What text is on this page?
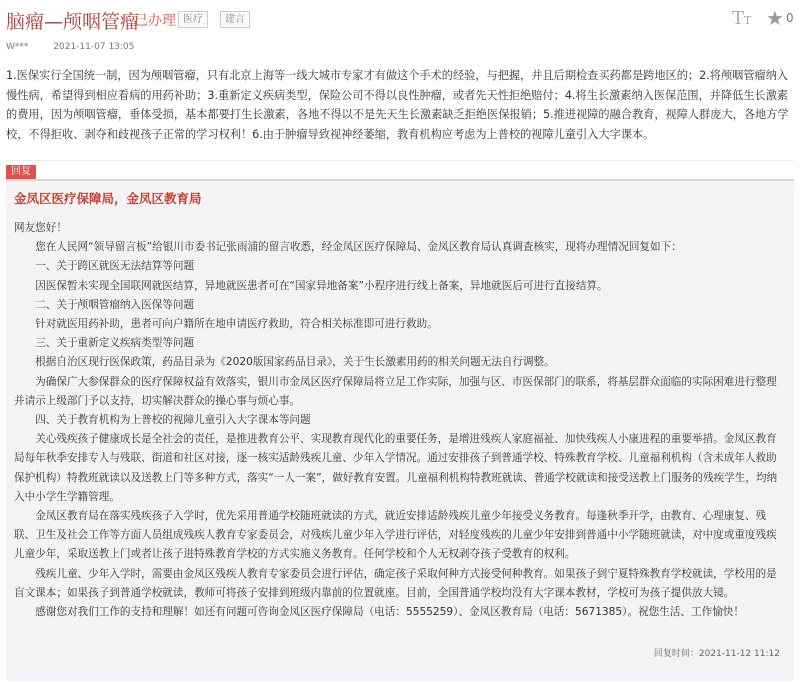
脑瘤—颅咽管瘤
已办理 医疗	建言	TT ★ 0
W***	2021-11-07 13:05
1.医保实行全国统一制，因为颅咽管瘤，只有北京上海等一线大城市专家才有做这个手术的经验，与把握，并且后期检查买药都是跨地区的；2.将颅咽管瘤纳入慢性病，希望得到相应看病的用药补助；3.重新定义疾病类型，保险公司不得以良性肿瘤，或者先天性拒绝赔付；4.将生长激素纳入医保范围，并降低生长激素的费用，因为颅咽管瘤，垂体受损，基本都要打生长激素，各地不得以不是先天生长激素缺乏拒绝医保报销；5.推进视障的融合教育，视障人群庞大，各地方学校，不得拒收、剥夺和歧视孩子正常的学习权利！6.由于肿瘤导致视神经萎缩，教育机构应考虑为上普校的视障儿童引入大字课本。
回复
金凤区医疗保障局，金凤区教育局

网友您好！

您在人民网“领导留言板”给银川市委书记张雨浦的留言收悉，经金凤区医疗保障局、金凤区教育局认真调查核实，现将办理情况回复如下：

一、关于跨区就医无法结算等问题

因医保暂未实现全国联网就医结算，异地就医患者可在“国家异地备案”小程序进行线上备案，异地就医后可进行直接结算。

二、关于颅咽管瘤纳入医保等问题

针对就医用药补助，患者可向户籍所在地申请医疗救助，符合相关标准即可进行救助。

三、关于重新定义疾病类型等问题

根据自治区现行医保政策，药品目录为《2020版国家药品目录》，关于生长激素用药的相关问题无法自行调整。

为确保广大参保群众的医疗保障权益有效落实，银川市金凤区医疗保障局将立足工作实际，加强与区、市医保部门的联系，将基层群众面临的实际困难进行整理并请示上级部门予以支持，切实解决群众的操心事与烦心事。

四、关于教育机构为上普校的视障儿童引入大字课本等问题

关心残疾孩子健康成长是全社会的责任，是推进教育公平、实现教育现代化的重要任务，是增进残疾人家庭福祉、加快残疾人小康进程的重要举措。金凤区教育局每年秋季安排专人与残联、街道和社区对接，逐一核实适龄残疾儿童、少年入学情况。通过安排孩子到普通学校、特殊教育学校、儿童福利机构（含未成年人救助保护机构）特教班就读以及送教上门等多种方式，落实“一人一案”，做好教育安置。儿童福利机构特教班就读、普通学校就读和接受送教上门服务的残疾学生，均纳入中小学生学籍管理。

金凤区教育局在落实残疾孩子入学时，优先采用普通学校随班就读的方式，就近安排适龄残疾儿童少年接受义务教育。每逢秋季开学，由教育、心理康复、残联、卫生及社会工作等方面人员组成残疾人教育专家委员会，对残疾儿童少年入学进行评估，对轻度残疾的儿童少年安排到普通中小学随班就读，对中度或重度残疾儿童少年，采取送教上门或者让孩子进特殊教育学校的方式实施义务教育。任何学校和个人无权剥夺孩子受教育的权利。

残疾儿童、少年入学时，需要由金凤区残疾人教育专家委员会进行评估，确定孩子采取何种方式接受何种教育。如果孩子到宁夏特殊教育学校就读，学校用的是盲文课本；如果孩子到普通学校就读，教师可将孩子安排到班级内靠前的位置就座。目前，全国普通学校均没有大字课本教材，学校可为孩子提供放大镜。

感谢您对我们工作的支持和理解！如还有问题可咨询金凤区医疗保障局（电话：5555259）、金凤区教育局（电话：5671385）。祝您生活、工作愉快！

回复时间：2021-11-12 11:12
